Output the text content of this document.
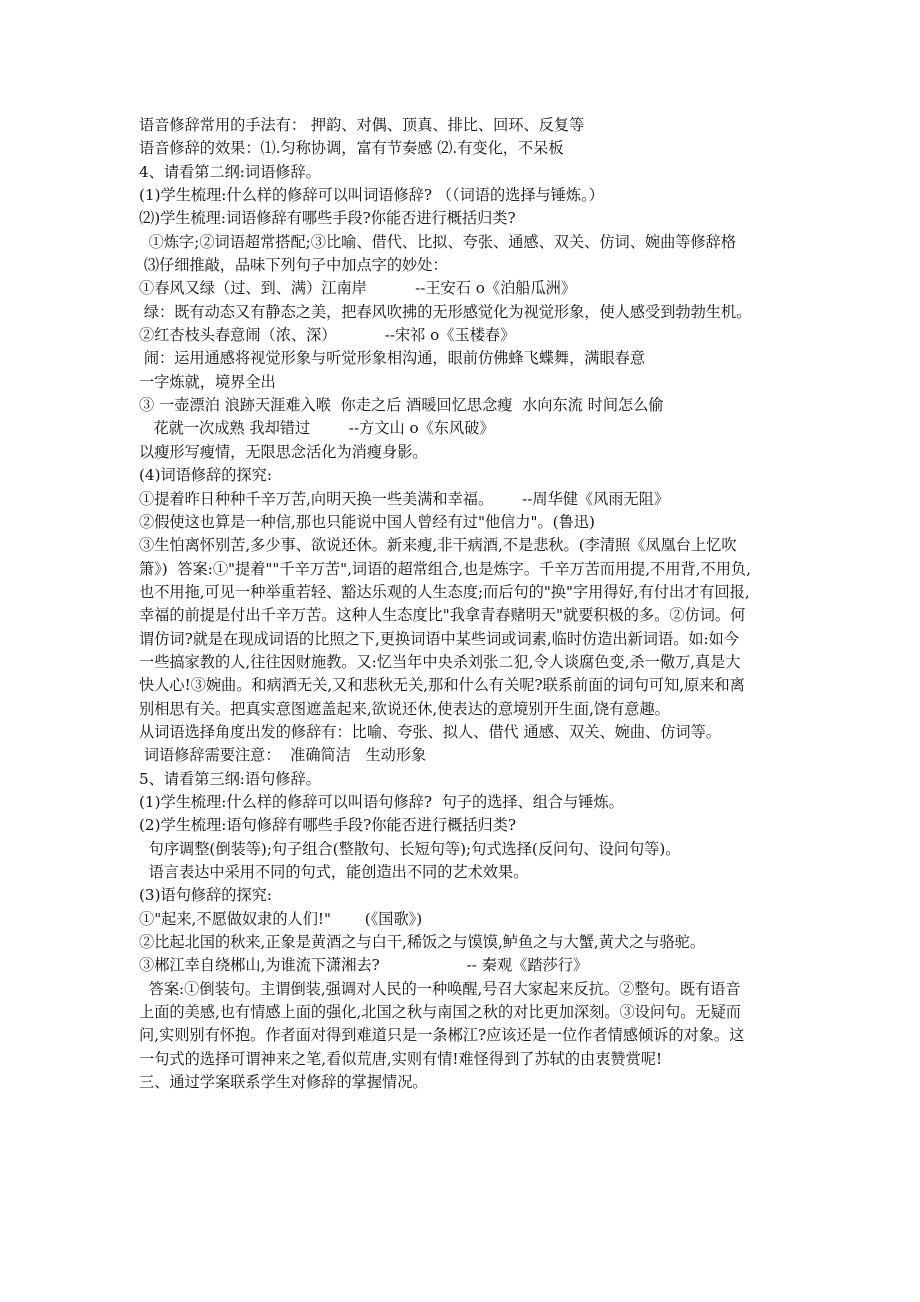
语音修辞常用的手法有： 押韵、对偶、顶真、排比、回环、反复等
语音修辞的效果：⑴.匀称协调，富有节奏感 ⑵.有变化，不呆板
4、请看第二纲:词语修辞。
(1)学生梳理:什么样的修辞可以叫词语修辞? （（词语的选择与锤炼。）
⑵)学生梳理:词语修辞有哪些手段?你能否进行概括归类?
①炼字;②词语超常搭配;③比喻、借代、比拟、夸张、通感、双关、仿词、婉曲等修辞格
⑶仔细推敲，品味下列句子中加点字的妙处：
①春风又绿（过、到、满）江南岸          --王安石 o《泊船瓜洲》
绿：既有动态又有静态之美，把春风吹拂的无形感觉化为视觉形象，使人感受到勃勃生机。
②红杏枝头春意闹（浓、深）          --宋祁 o《玉楼春》
闹：运用通感将视觉形象与听觉形象相沟通，眼前仿佛蜂飞蝶舞，满眼春意
一字炼就，境界全出
③ 一壶漂泊 浪跡天涯难入喉  你走之后 酒暖回忆思念瘦  水向东流 时间怎么偷
花就一次成熟 我却错过        --方文山 o《东风破》
以瘦形写瘦情，无限思念活化为消瘦身影。
(4)词语修辞的探究:
①提着昨日种种千辛万苦,向明天换一些美满和幸福。      --周华健《风雨无阻》
②假使这也算是一种信,那也只能说中国人曾经有过"他信力"。(鲁迅)
③生怕离怀别苦,多少事、欲说还休。新来瘦,非干病酒,不是悲秋。(李清照《凤凰台上忆吹
箫》)  答案:①"提着""千辛万苦",词语的超常组合,也是炼字。千辛万苦而用提,不用背,不用负,
也不用拖,可见一种举重若轻、豁达乐观的人生态度;而后句的"换"字用得好,有付出才有回报,
幸福的前提是付出千辛万苦。这种人生态度比"我拿青春赌明天"就要积极的多。②仿词。何
谓仿词?就是在现成词语的比照之下,更换词语中某些词或词素,临时仿造出新词语。如:如今
一些搞家教的人,往往因财施教。又:忆当年中央杀刘张二犯,令人谈腐色变,杀一儆万,真是大
快人心!③婉曲。和病酒无关,又和悲秋无关,那和什么有关呢?联系前面的词句可知,原来和离
别相思有关。把真实意图遮盖起来,欲说还休,使表达的意境别开生面,饶有意趣。
从词语选择角度出发的修辞有：比喻、夸张、拟人、借代 通感、双关、婉曲、仿词等。
词语修辞需要注意：  准确简洁   生动形象
5、请看第三纲:语句修辞。
(1)学生梳理:什么样的修辞可以叫语句修辞?  句子的选择、组合与锤炼。
(2)学生梳理:语句修辞有哪些手段?你能否进行概括归类?
句序调整(倒装等);句子组合(整散句、长短句等);句式选择(反问句、设问句等)。
语言表达中采用不同的句式，能创造出不同的艺术效果。
(3)语句修辞的探究:
①"起来,不愿做奴隶的人们!"       (《国歌》)
②比起北国的秋来,正象是黄酒之与白干,稀饭之与馍馍,鲈鱼之与大蟹,黄犬之与骆驼。
③郴江幸自绕郴山,为谁流下潇湘去?                  -- 秦观《踏莎行》
答案:①倒装句。主谓倒装,强调对人民的一种唤醒,号召大家起来反抗。②整句。既有语音
上面的美感,也有情感上面的强化,北国之秋与南国之秋的对比更加深刻。③设问句。无疑而
问,实则别有怀抱。作者面对得到难道只是一条郴江?应该还是一位作者情感倾诉的对象。这
一句式的选择可谓神来之笔,看似荒唐,实则有情!难怪得到了苏轼的由衷赞赏呢!
三、通过学案联系学生对修辞的掌握情况。
